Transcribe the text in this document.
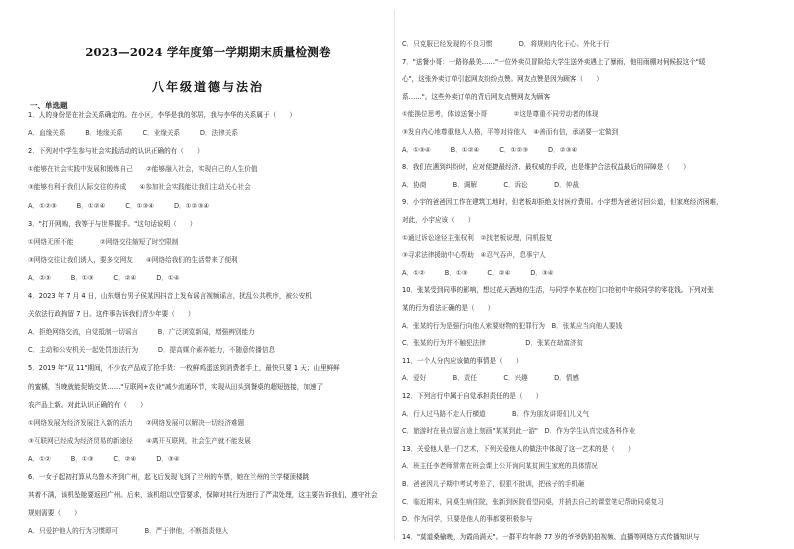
2023—2024 学年度第一学期期末质量检测卷
八年级道德与法治
一、单选题
1．人的身份是在社会关系确定的。在小区，李华是我的邻居，我与李华的关系属于（　　）
A．血缘关系　　　B．地缘关系　　　C．业缘关系　　　D．法律关系
2．下列对中学生参与社会实践活动的认识正确的有（　　）
①能够在社会实践中发展和锻炼自己　　②能够融入社会，实现自己的人生价值
③能够有利于我们人际交往的养成　　④参加社会实践能让我们主动关心社会
A．①②③　　　B．①②④　　　C．①③④　　　D．①②③④
3．"打开网购，我等于与世界握手。"这句话说明（　　）
①网络无所不能　　　　②网络交往缩短了时空限制
③网络交往让我们诱人，要多交网友　　④网络给我们的生活带来了便利
A．②③　　　B．①③　　　C．②④　　　D．①④
4．2023 年 7 月 4 日，山东烟台男子侯某因抖音上发布谣言视频谣言，扰乱公共秩序，被公安机
关依法行政拘留 7 日。这件事告诉我们青少年要（　　）
A．拒绝网络交流，自觉抵制一切谣言　　　B．广泛浏览新闻，增强辨别能力
C．主动和公安机关一起处罚违法行为　　　D．提高媒介素养能力，不随意传播信息
5．2019 年"双 11"期间，不少农产品成了抢手货：一枚鲜鸡蛋送到消费者手上，最快只要 1 天；山里鲜鲜
的蜜橘，当晚就能促销交货……"互联网+农业"减少流通环节，实现从田头到餐桌的超短链接，加速了
农产品上新。对此认识正确的有（　　）
①网络发展为经济发展注入新的活力　　②网络发展可以解决一切经济难题
③互联网已经成为经济贸易的新途径　　④离开互联网，社会生产就不能发展
A．①②　　　B．①③　　　C．②④　　　D．③④
6．一女子起初打算从乌鲁木齐到广州，起飞后发现飞到了兰州的车票，她在兰州的兰学楼顶楼跳
其着不满，该机坠舱要返回广州。后来，该机组以空管要求，保障对其行为进行了严肃处理，这主要告诉我们，遵守社会
规则需要（　　）
A．只爱护他人的行为习惯即可　　　　B．严于律他，不断指责他人
C．只克服已经发现的不良习惯　　　　D．将规则内化于心、外化于行
7．"送餐小哥：一路你最美……"一位外卖员冒险给大学生送外卖遇上了暴雨，他用雨棚对伺候报这个"暖
心"，这张外卖订单引起网友纷纷点赞。网友点赞是因为顾客（　　）
系……"。这些外卖订单的背后网友点赞网友为顾客
①能换位思考，体谅送餐小哥　　　　②这是尊重不同劳动者的体现
③发自内心地尊重他人人格，平等对待他人　④善而有信，承诺要一定做到
A．①③④　　　B．①②④　　　C．①②③　　　D．②③④
8．我们在遇到纠纷时，应对便捷最经济、最权威的手段，也是维护合法权益最后的屏障是（　　）
A．协商　　　　B．调解　　　　C．诉讼　　　　D．仲裁
9．小宇的爸爸因工作在建筑工地时，但老板却拒绝支付医疗费用。小宇想为爸爸讨回公道，但家庭经济困难，
对此，小宇应该（　　）
①通过诉讼途径主张权利　②找老板说理，同机报复
③寻求法律援助中心帮助　④忍气吞声，息事宁人
A．①②　　　B．①③　　　C．②④　　　D．③④
10．张某受到同事的影响，想过花天酒地的生活，与同学李某在校门口抢初中年级同学的零花钱。下列对张
某的行为看法正确的是（　　）
A．张某的行为是强行向他人索要财物的犯罪行为　B．张某应当向他人要钱
C．张某的行为并不触犯法律　　　　　　D．张某在劫富济贫
11．一个人分内应该做的事情是（　　）
A．爱好　　　　B．责任　　　　C．兴趣　　　　D．情感
12．下列言行中属于自觉承担责任的是（　　）
A．行人过马路不走人行横道　　　　B．作为朋友讲哥们儿义气
C．旅游时在景点留言途上刻画"某某到此一游"　D．作为学生认真完成各科作业
13．关爱他人是一门艺术，下列关爱他人的做法中体现了这一艺术的是（　　）
A．班主任李老师常常在班会课上公开询问某贫困生家庭的具体情况
B．爸爸因儿子期中考试考差了，很狠不批训，把孩子的手机砸
C．临近期末，同桌生病住院，张新到医院看望同桌，并捎去自己的课堂笔记帮助同桌复习
D．作为同学，只要是他人的事都要积极参与
14．"莫道桑榆晚，为霞尚满天"。一群平均年龄 77 岁的爷爷奶奶拍视频、直播等网络方式传播知识与
